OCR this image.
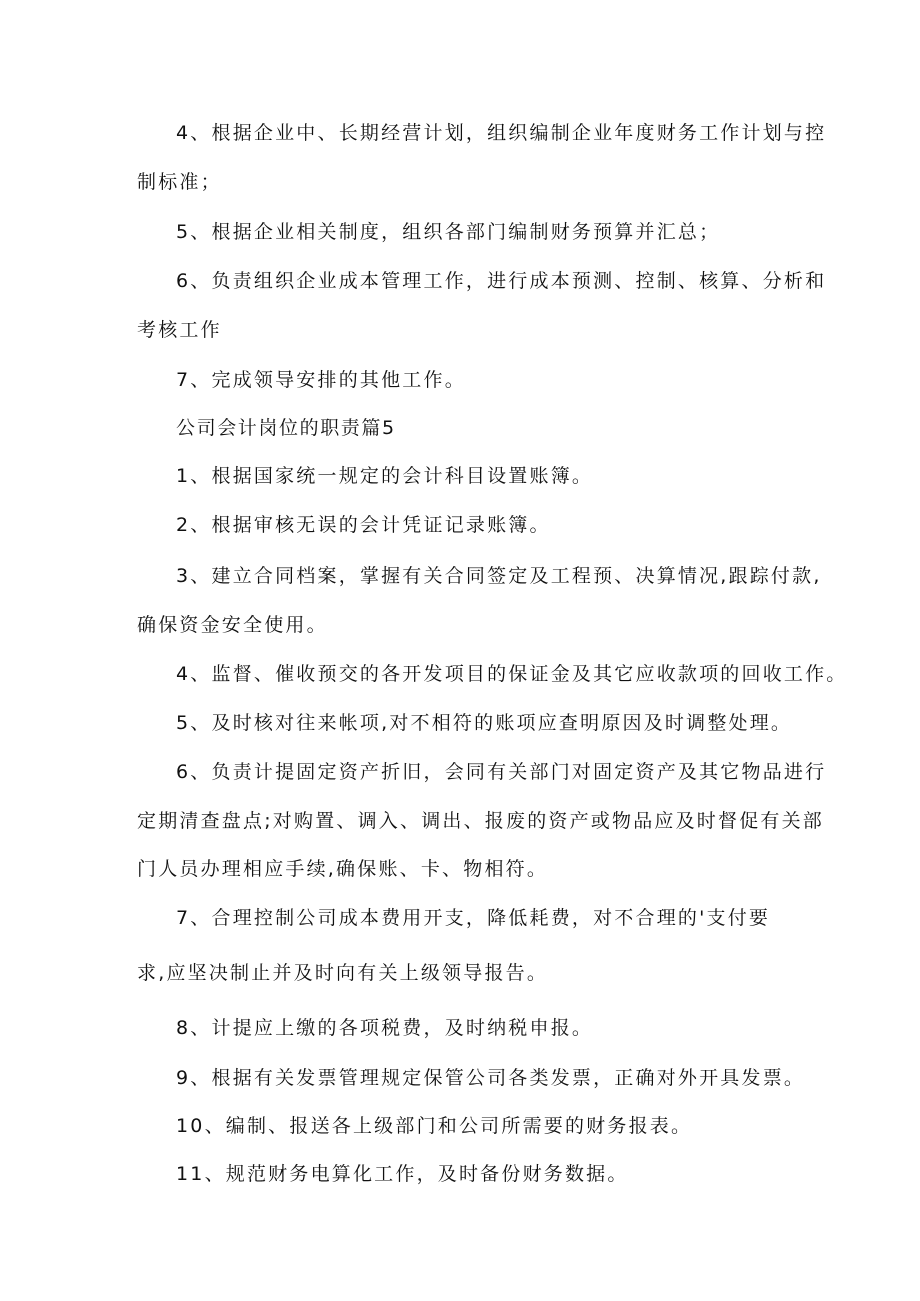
4、根据企业中、长期经营计划，组织编制企业年度财务工作计划与控
制标准；
5、根据企业相关制度，组织各部门编制财务预算并汇总；
6、负责组织企业成本管理工作，进行成本预测、控制、核算、分析和
考核工作
7、完成领导安排的其他工作。
公司会计岗位的职责篇5
1、根据国家统一规定的会计科目设置账簿。
2、根据审核无误的会计凭证记录账簿。
3、建立合同档案，掌握有关合同签定及工程预、决算情况,跟踪付款,
确保资金安全使用。
4、监督、催收预交的各开发项目的保证金及其它应收款项的回收工作。
5、及时核对往来帐项,对不相符的账项应查明原因及时调整处理。
6、负责计提固定资产折旧，会同有关部门对固定资产及其它物品进行
定期清查盘点;对购置、调入、调出、报废的资产或物品应及时督促有关部
门人员办理相应手续,确保账、卡、物相符。
7、合理控制公司成本费用开支，降低耗费，对不合理的'支付要
求,应坚决制止并及时向有关上级领导报告。
8、计提应上缴的各项税费，及时纳税申报。
9、根据有关发票管理规定保管公司各类发票，正确对外开具发票。
10、编制、报送各上级部门和公司所需要的财务报表。
11、规范财务电算化工作，及时备份财务数据。
